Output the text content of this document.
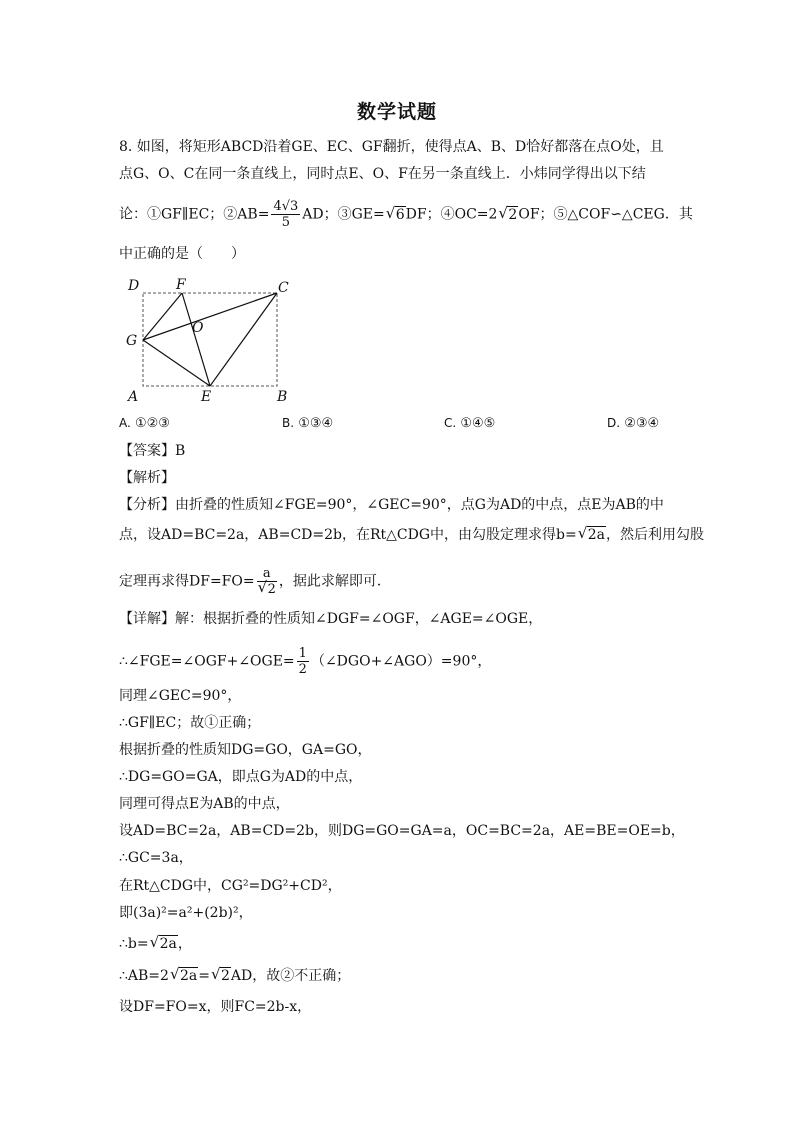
数学试题
8. 如图，将矩形ABCD沿着GE、EC、GF翻折，使得点A、B、D恰好都落在点O处，且
点G、O、C在同一条直线上，同时点E、O、F在另一条直线上．小炜同学得出以下结
论：①GF∥EC；②AB= $\frac{4√3}{5}$ AD；③GE= √ 6DF；④OC=2 √ 2OF；⑤△COF∽△CEG．其
中正确的是（　　）
D	F	C
G
O
A	E	B
A. ①②③	B. ①③④	C. ①④⑤	D. ②③④
【答案】B
【解析】
【分析】由折叠的性质知∠FGE=90°，∠GEC=90°，点G为AD的中点，点E为AB的中
点，设AD=BC=2a，AB=CD=2b，在Rt△CDG中，由勾股定理求得b= √ 2a，然后利用勾股
定理再求得DF=FO= a
√ 2 ，据此求解即可．
【详解】解：根据折叠的性质知∠DGF=∠OGF，∠AGE=∠OGE，
∴∠FGE=∠OGF+∠OGE= $\frac{1}{2}$ （∠DGO+∠AGO）=90°，
同理∠GEC=90°，
∴GF∥EC；故①正确；
根据折叠的性质知DG=GO，GA=GO，
∴DG=GO=GA，即点G为AD的中点，
同理可得点E为AB的中点，
设AD=BC=2a，AB=CD=2b，则DG=GO=GA=a，OC=BC=2a，AE=BE=OE=b，
∴GC=3a，
在Rt△CDG中，CG²=DG²+CD²，
即(3a)²=a²+(2b)²，
∴b= √ 2a，
∴AB=2 √ 2a= √ 2AD，故②不正确；
设DF=FO=x，则FC=2b-x，
